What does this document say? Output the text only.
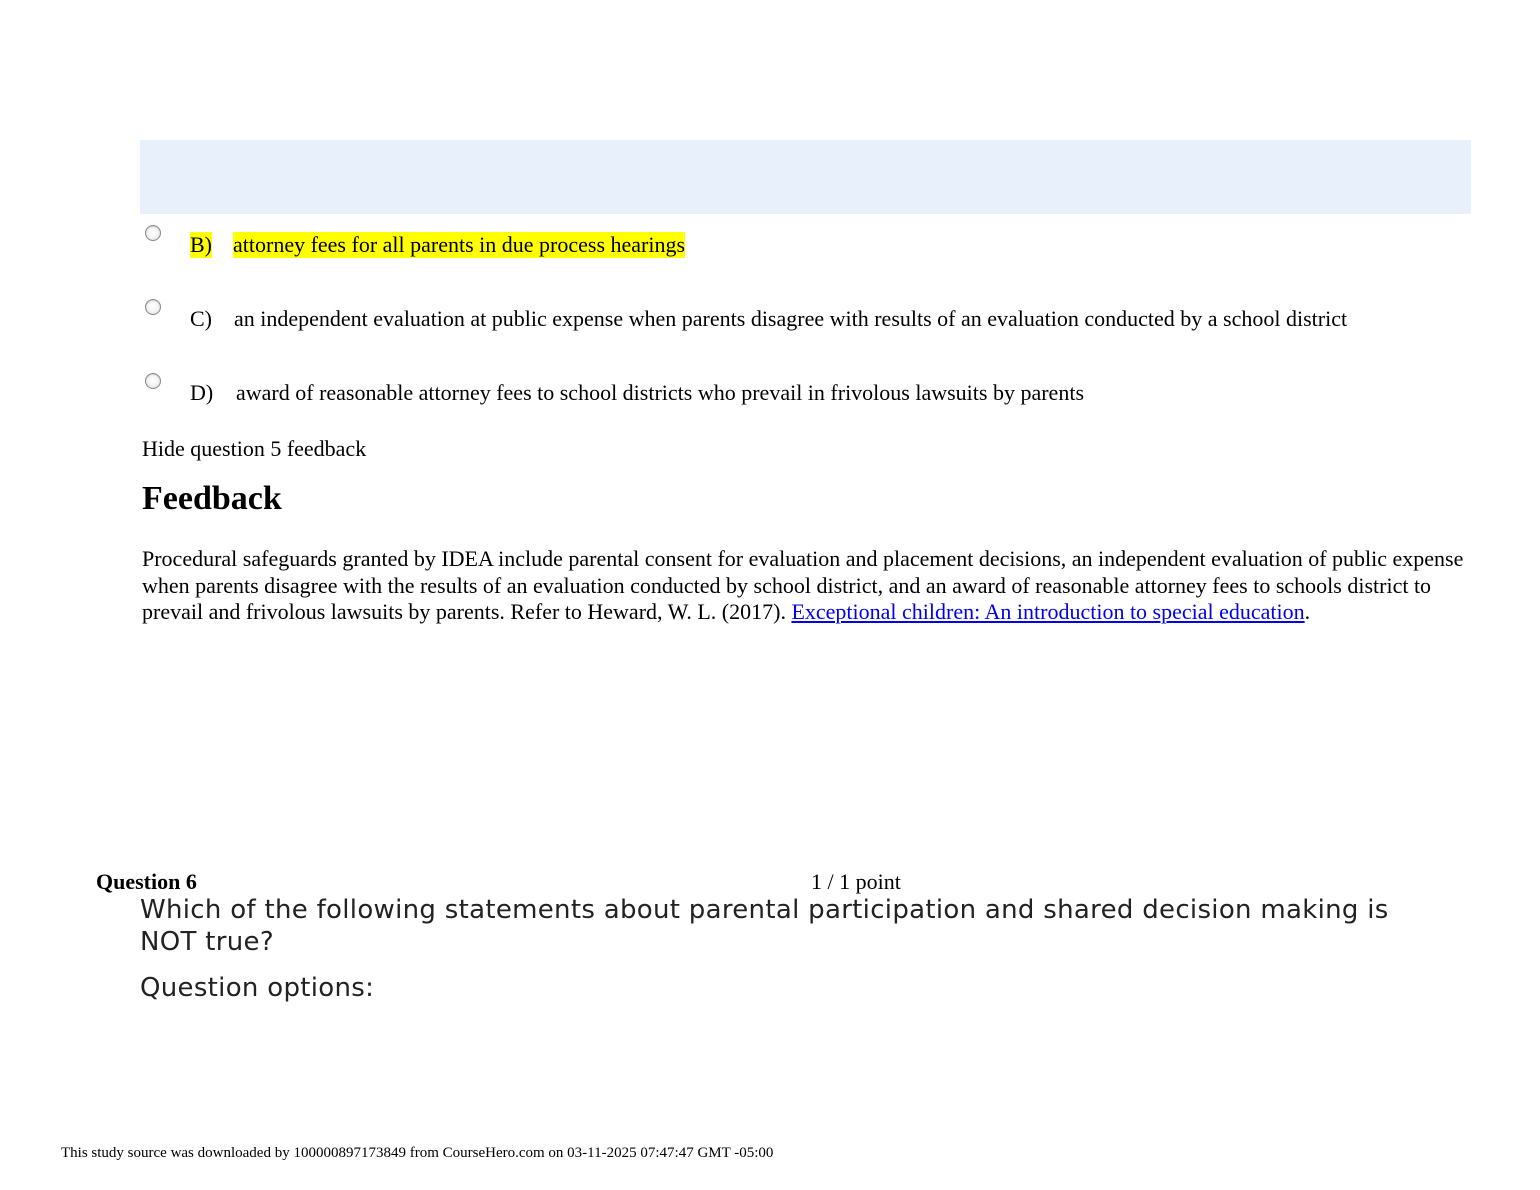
B) attorney fees for all parents in due process hearings
C) an independent evaluation at public expense when parents disagree with results of an evaluation conducted by a school district
D) award of reasonable attorney fees to school districts who prevail in frivolous lawsuits by parents
Hide question 5 feedback
Feedback

Procedural safeguards granted by IDEA include parental consent for evaluation and placement decisions, an independent evaluation of public expense when parents disagree with the results of an evaluation conducted by school district, and an award of reasonable attorney fees to schools district to prevail and frivolous lawsuits by parents. Refer to Heward, W. L. (2017). Exceptional children: An introduction to special education.

Question 6	1 / 1 point

Which of the following statements about parental participation and shared decision making is NOT true?

Question options:
This study source was downloaded by 100000897173849 from CourseHero.com on 03-11-2025 07:47:47 GMT -05:00
